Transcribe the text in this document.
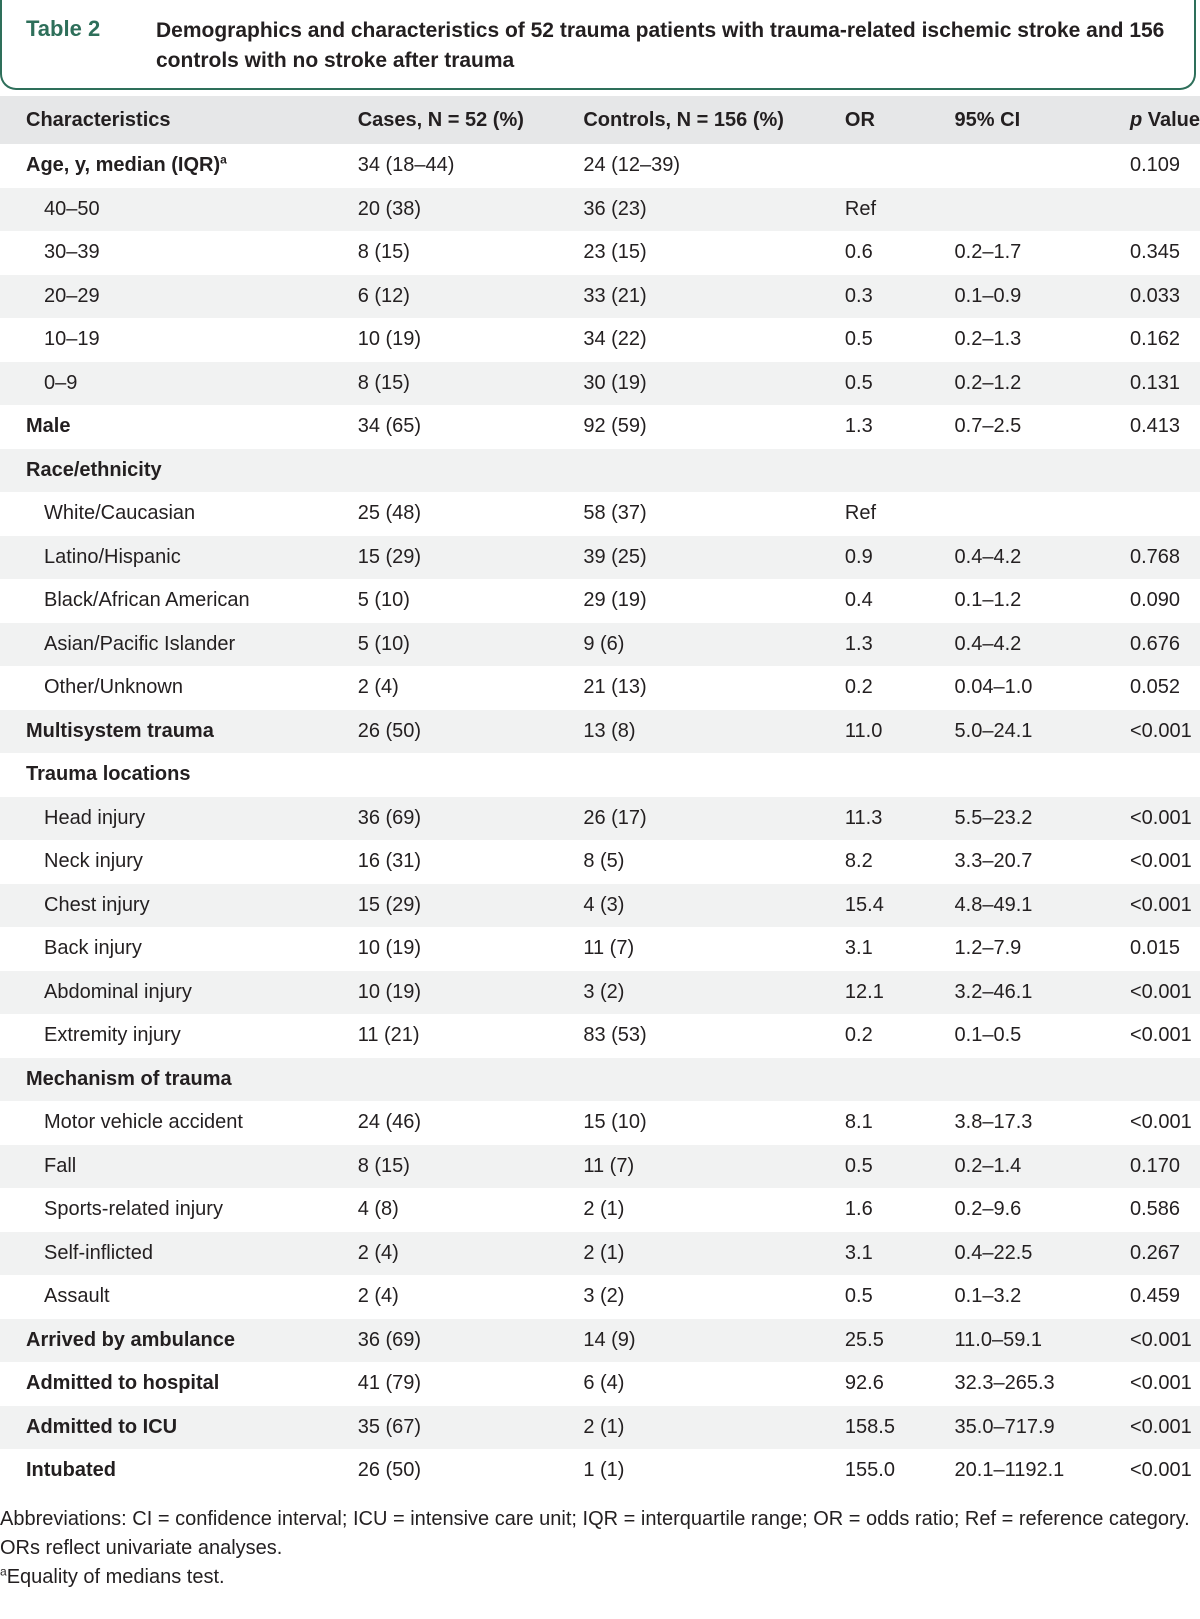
Table 2	Demographics and characteristics of 52 trauma patients with trauma-related ischemic stroke and 156 controls with no stroke after trauma
Characteristics	Cases, N = 52 (%)	Controls, N = 156 (%)	OR	95% CI	p Value
Age, y, median (IQR)$^a$	34 (18–44)	24 (12–39)			0.109
40–50	20 (38)	36 (23)	Ref		
30–39	8 (15)	23 (15)	0.6	0.2–1.7	0.345
20–29	6 (12)	33 (21)	0.3	0.1–0.9	0.033
10–19	10 (19)	34 (22)	0.5	0.2–1.3	0.162
0–9	8 (15)	30 (19)	0.5	0.2–1.2	0.131
Male	34 (65)	92 (59)	1.3	0.7–2.5	0.413
Race/ethnicity					
White/Caucasian	25 (48)	58 (37)	Ref		
Latino/Hispanic	15 (29)	39 (25)	0.9	0.4–4.2	0.768
Black/African American	5 (10)	29 (19)	0.4	0.1–1.2	0.090
Asian/Pacific Islander	5 (10)	9 (6)	1.3	0.4–4.2	0.676
Other/Unknown	2 (4)	21 (13)	0.2	0.04–1.0	0.052
Multisystem trauma	26 (50)	13 (8)	11.0	5.0–24.1	<0.001
Trauma locations					
Head injury	36 (69)	26 (17)	11.3	5.5–23.2	<0.001
Neck injury	16 (31)	8 (5)	8.2	3.3–20.7	<0.001
Chest injury	15 (29)	4 (3)	15.4	4.8–49.1	<0.001
Back injury	10 (19)	11 (7)	3.1	1.2–7.9	0.015
Abdominal injury	10 (19)	3 (2)	12.1	3.2–46.1	<0.001
Extremity injury	11 (21)	83 (53)	0.2	0.1–0.5	<0.001
Mechanism of trauma					
Motor vehicle accident	24 (46)	15 (10)	8.1	3.8–17.3	<0.001
Fall	8 (15)	11 (7)	0.5	0.2–1.4	0.170
Sports-related injury	4 (8)	2 (1)	1.6	0.2–9.6	0.586
Self-inflicted	2 (4)	2 (1)	3.1	0.4–22.5	0.267
Assault	2 (4)	3 (2)	0.5	0.1–3.2	0.459
Arrived by ambulance	36 (69)	14 (9)	25.5	11.0–59.1	<0.001
Admitted to hospital	41 (79)	6 (4)	92.6	32.3–265.3	<0.001
Admitted to ICU	35 (67)	2 (1)	158.5	35.0–717.9	<0.001
Intubated	26 (50)	1 (1)	155.0	20.1–1192.1	<0.001

Abbreviations: CI = confidence interval; ICU = intensive care unit; IQR = interquartile range; OR = odds ratio; Ref = reference category.

ORs reflect univariate analyses.

$^a$Equality of medians test.
